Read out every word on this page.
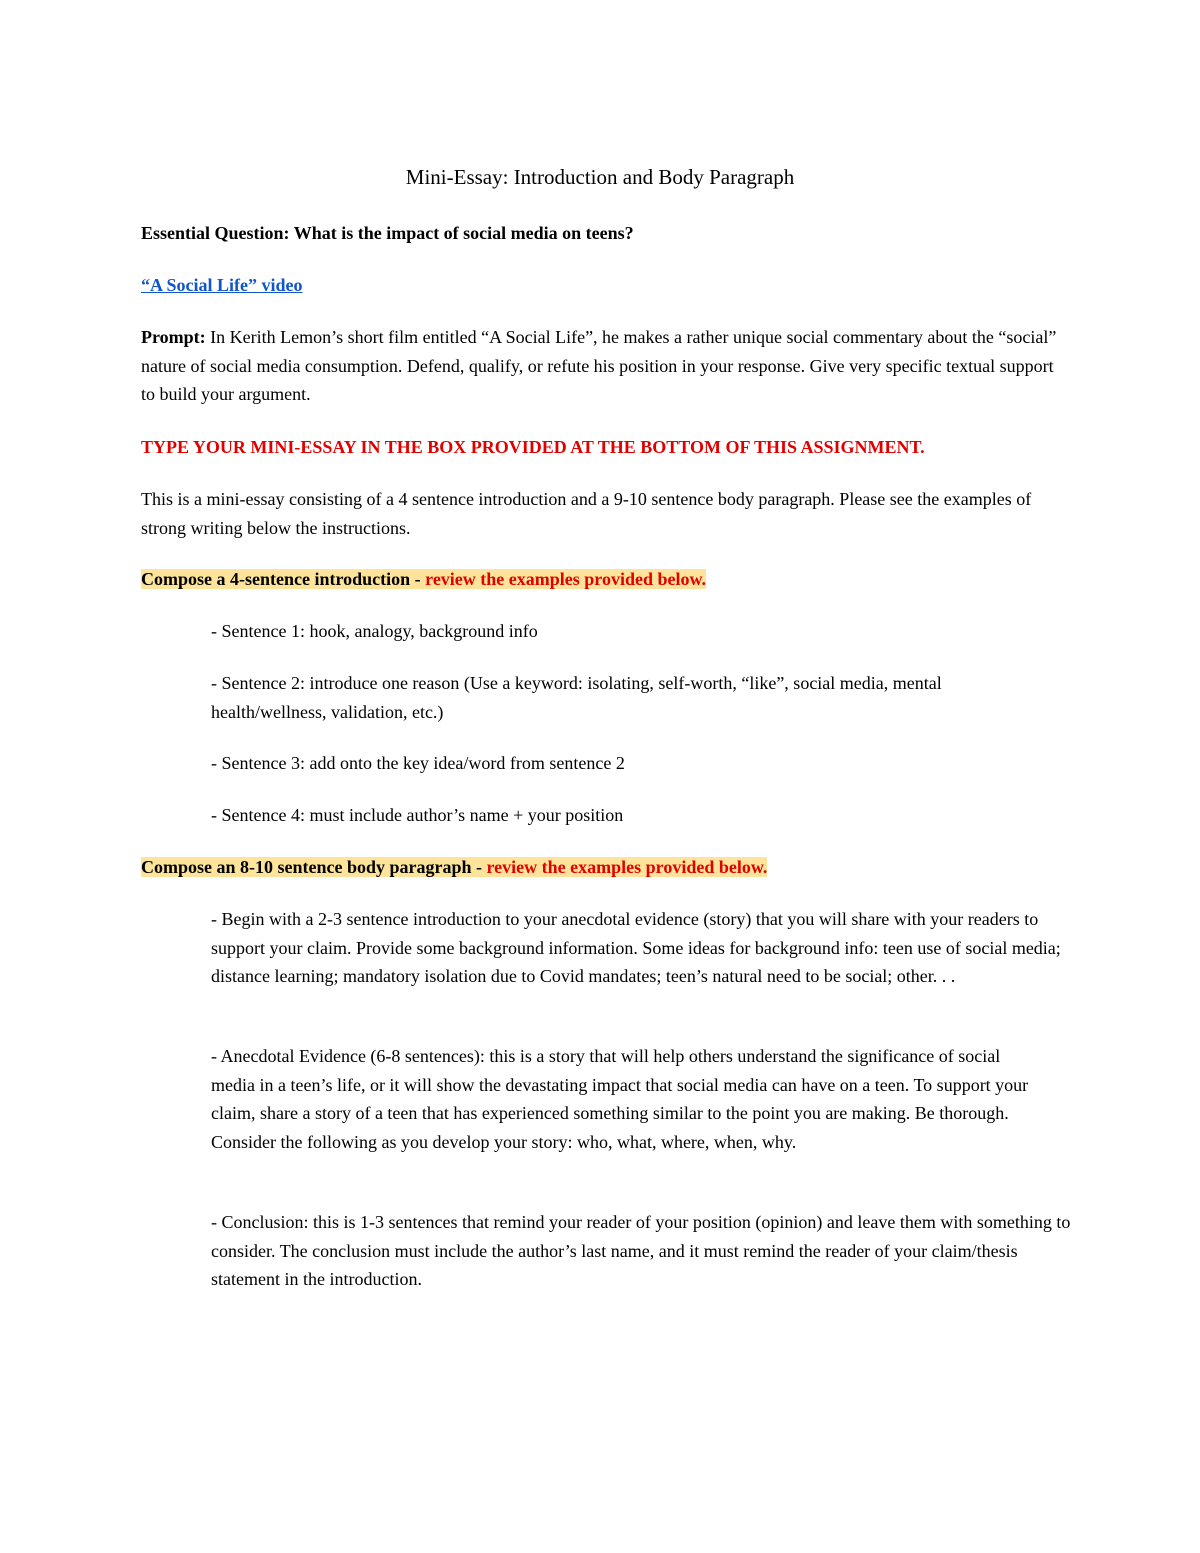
Mini-Essay: Introduction and Body Paragraph
Essential Question: What is the impact of social media on teens?
“A Social Life” video
Prompt: In Kerith Lemon’s short film entitled “A Social Life”, he makes a rather unique social commentary about the “social” nature of social media consumption. Defend, qualify, or refute his position in your response. Give very specific textual support to build your argument.
TYPE YOUR MINI-ESSAY IN THE BOX PROVIDED AT THE BOTTOM OF THIS ASSIGNMENT.
This is a mini-essay consisting of a 4 sentence introduction and a 9-10 sentence body paragraph. Please see the examples of strong writing below the instructions.
Compose a 4-sentence introduction - review the examples provided below.
- Sentence 1: hook, analogy, background info
- Sentence 2: introduce one reason (Use a keyword: isolating, self-worth, “like”, social media, mental health/wellness, validation, etc.)
- Sentence 3: add onto the key idea/word from sentence 2
- Sentence 4: must include author’s name + your position
Compose an 8-10 sentence body paragraph - review the examples provided below.
- Begin with a 2-3 sentence introduction to your anecdotal evidence (story) that you will share with your readers to support your claim. Provide some background information. Some ideas for background info: teen use of social media; distance learning; mandatory isolation due to Covid mandates; teen’s natural need to be social; other. . .
- Anecdotal Evidence (6-8 sentences): this is a story that will help others understand the significance of social media in a teen’s life, or it will show the devastating impact that social media can have on a teen. To support your claim, share a story of a teen that has experienced something similar to the point you are making. Be thorough. Consider the following as you develop your story: who, what, where, when, why.
- Conclusion: this is 1-3 sentences that remind your reader of your position (opinion) and leave them with something to consider. The conclusion must include the author’s last name, and it must remind the reader of your claim/thesis statement in the introduction.
